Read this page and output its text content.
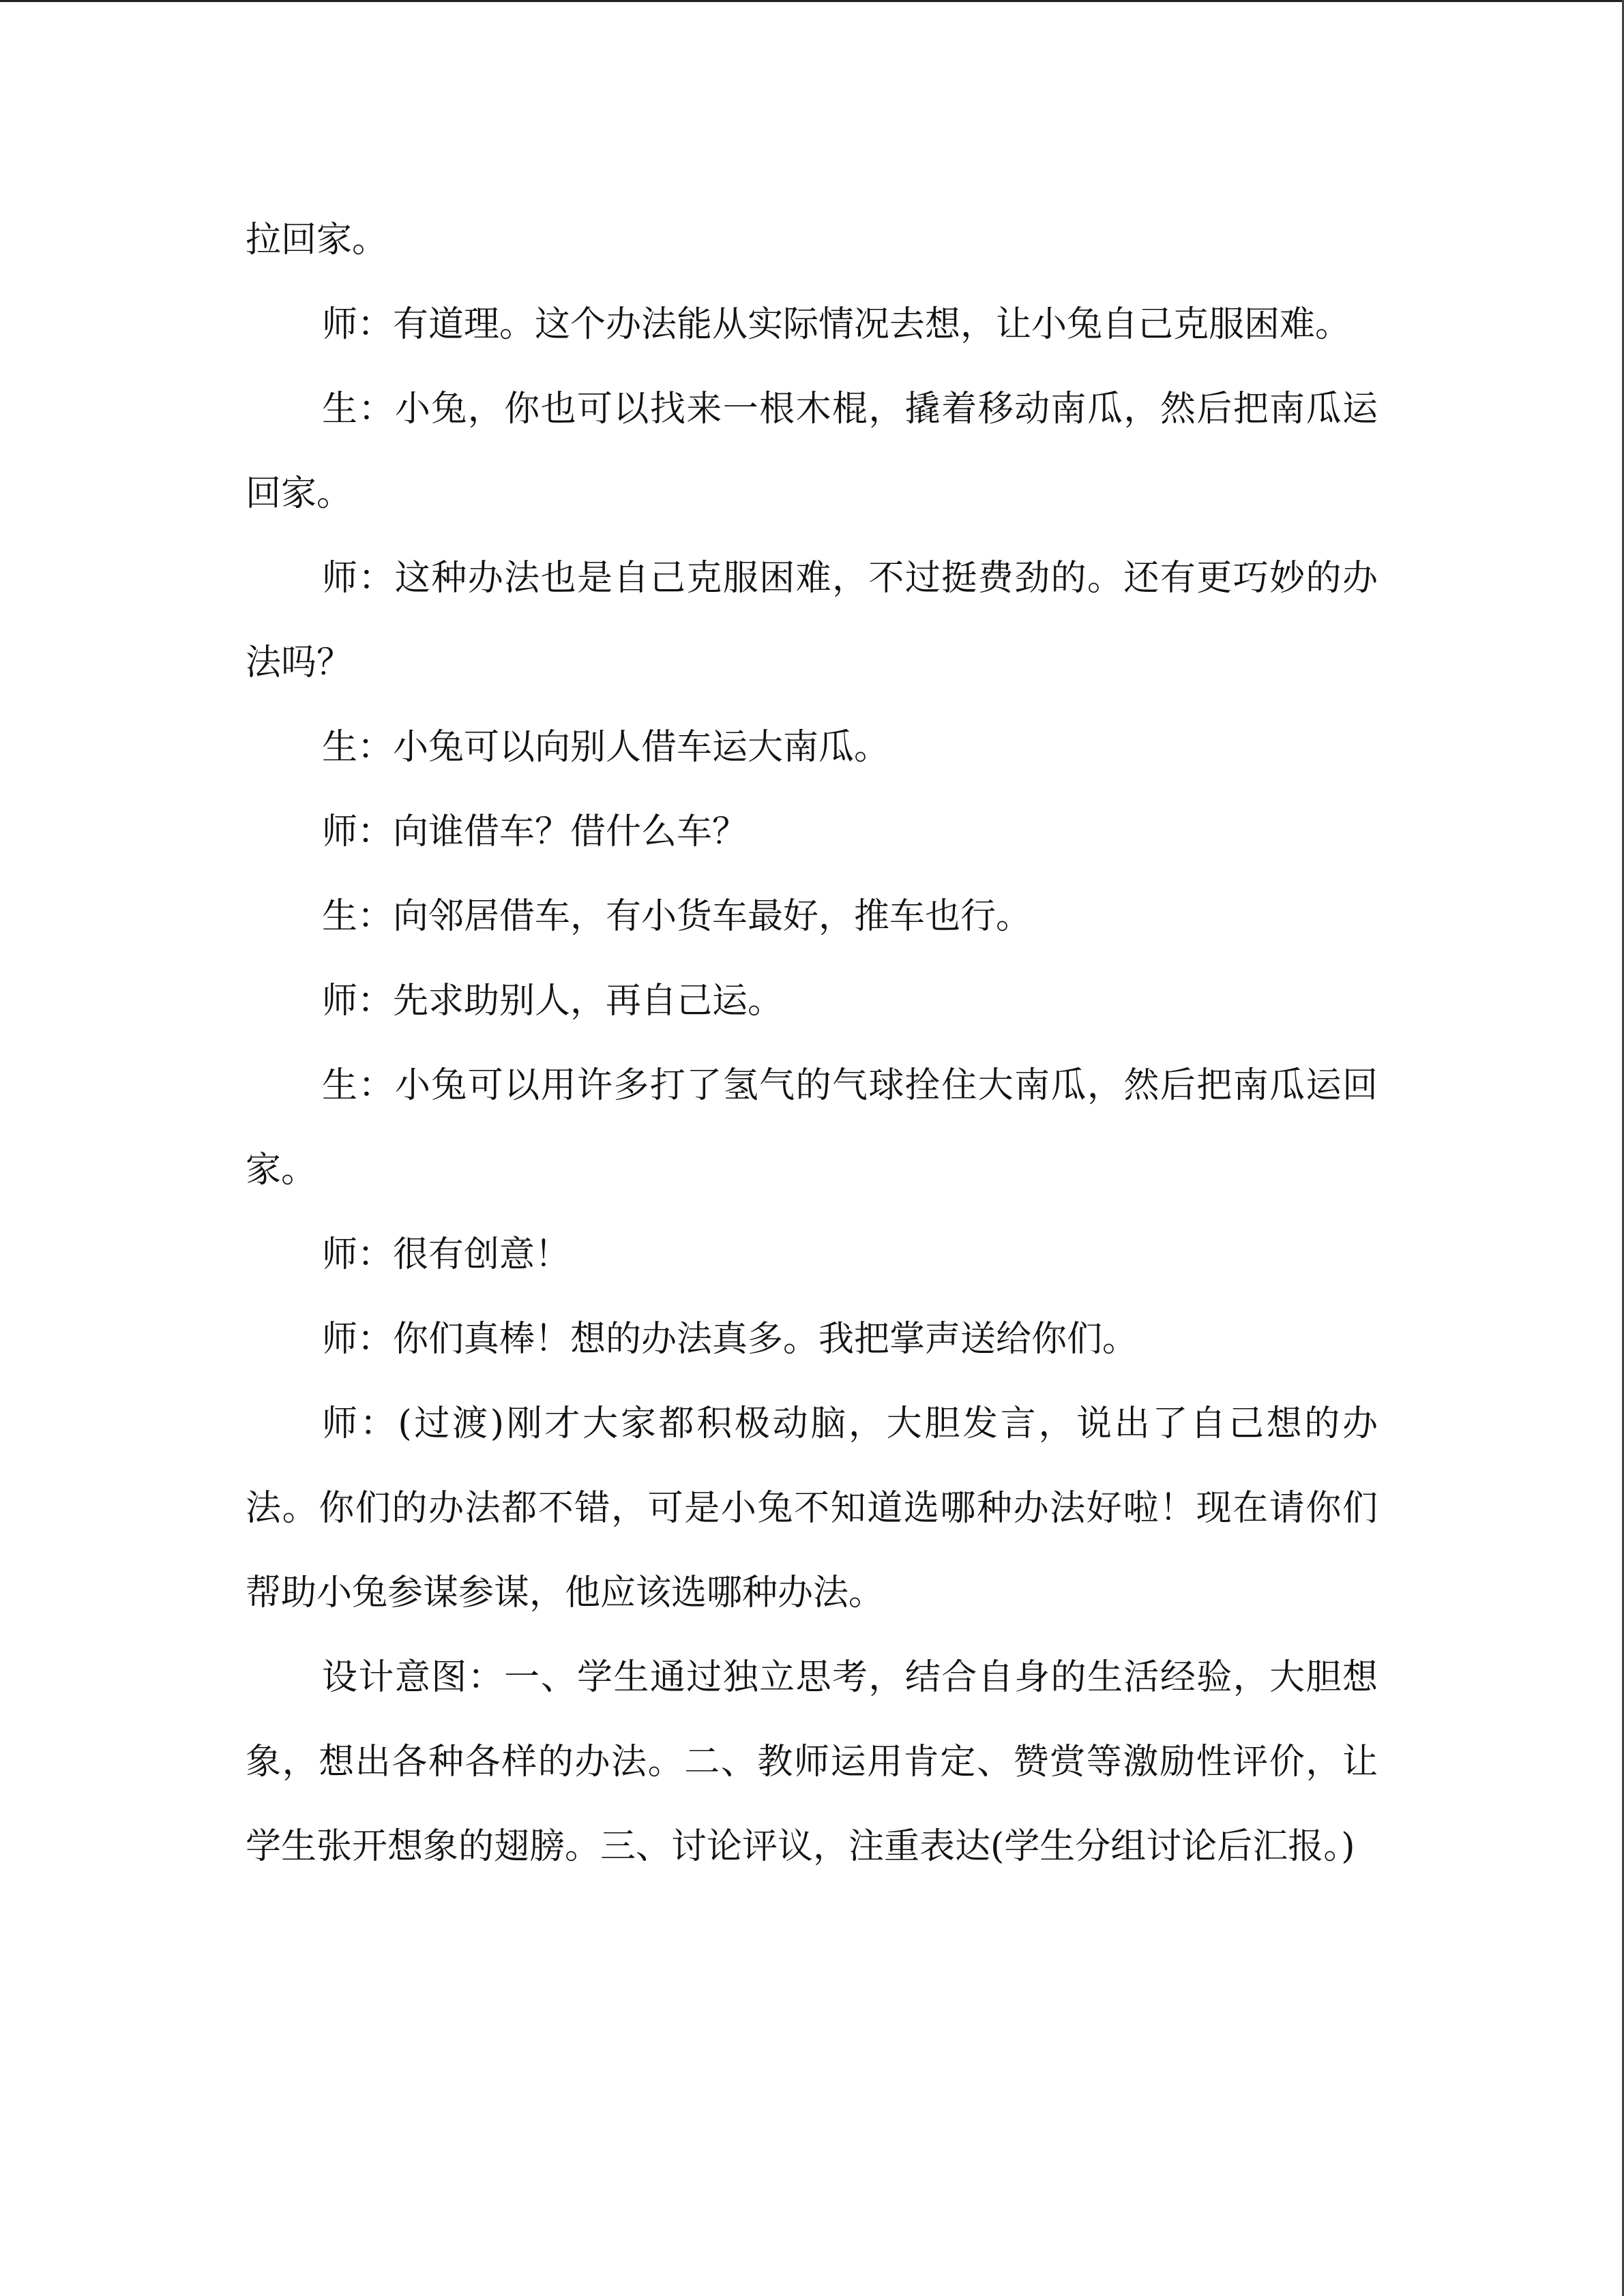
拉回家。

师：有道理。这个办法能从实际情况去想，让小兔自己克服困难。

生：小兔，你也可以找来一根木棍，撬着移动南瓜，然后把南瓜运回家。

师：这种办法也是自己克服困难，不过挺费劲的。还有更巧妙的办法吗？

生：小兔可以向别人借车运大南瓜。

师：向谁借车？借什么车？

生：向邻居借车，有小货车最好，推车也行。

师：先求助别人，再自己运。

生：小兔可以用许多打了氢气的气球拴住大南瓜，然后把南瓜运回家。

师：很有创意！

师：你们真棒！想的办法真多。我把掌声送给你们。

师：(过渡)刚才大家都积极动脑，大胆发言，说出了自己想的办法。你们的办法都不错，可是小兔不知道选哪种办法好啦！现在请你们帮助小兔参谋参谋，他应该选哪种办法。

设计意图：一、学生通过独立思考，结合自身的生活经验，大胆想象，想出各种各样的办法。二、教师运用肯定、赞赏等激励性评价，让学生张开想象的翅膀。三、讨论评议，注重表达(学生分组讨论后汇报。)
